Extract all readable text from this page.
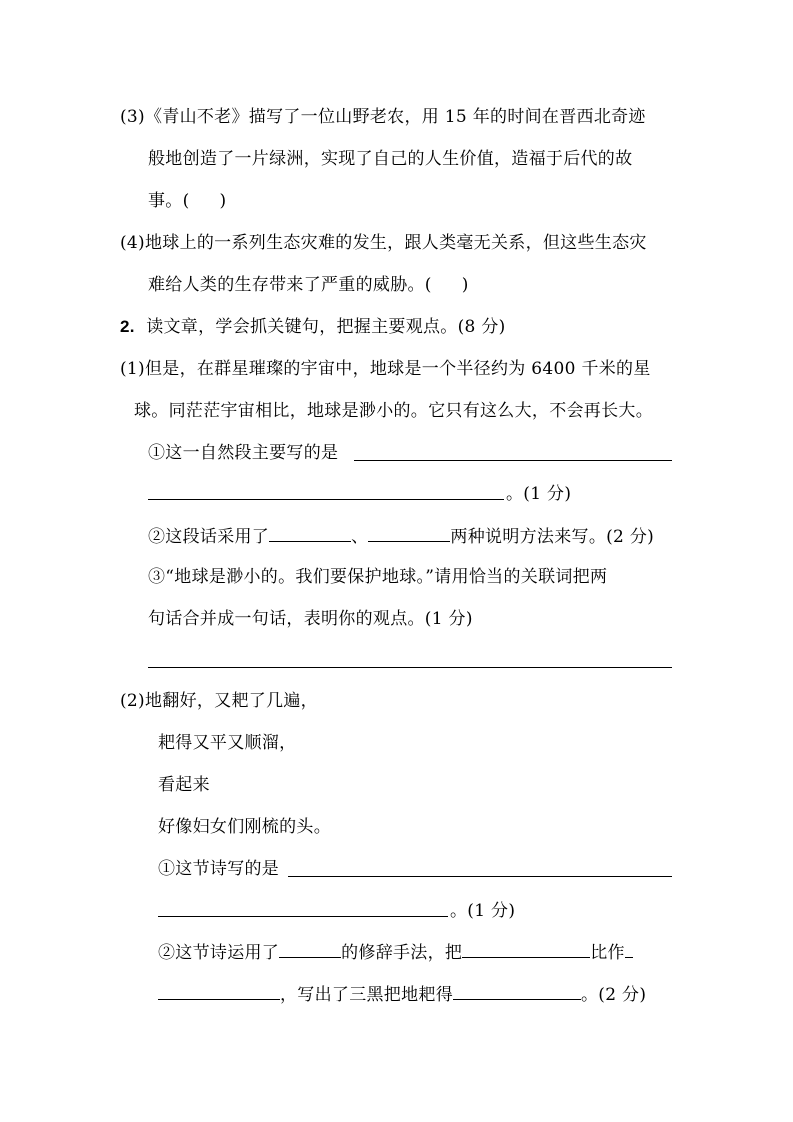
(3)《青山不老》描写了一位山野老农，用 15 年的时间在晋西北奇迹
般地创造了一片绿洲，实现了自己的人生价值，造福于后代的故
事。( )
(4)地球上的一系列生态灾难的发生，跟人类毫无关系，但这些生态灾
难给人类的生存带来了严重的威胁。( )
2. 读文章，学会抓关键句，把握主要观点。(8 分)
(1)但是，在群星璀璨的宇宙中，地球是一个半径约为 6400 千米的星
球。同茫茫宇宙相比，地球是渺小的。它只有这么大，不会再长大。
①这一自然段主要写的是
。(1 分)
②这段话采用了	、	两种说明方法来写。(2 分)
③“地球是渺小的。我们要保护地球。”请用恰当的关联词把两
句话合并成一句话，表明你的观点。(1 分)
(2)地翻好，又耙了几遍，
耙得又平又顺溜，
看起来
好像妇女们刚梳的头。
①这节诗写的是
。(1 分)
②这节诗运用了	的修辞手法，把	比作
，写出了三黑把地耙得	。(2 分)
